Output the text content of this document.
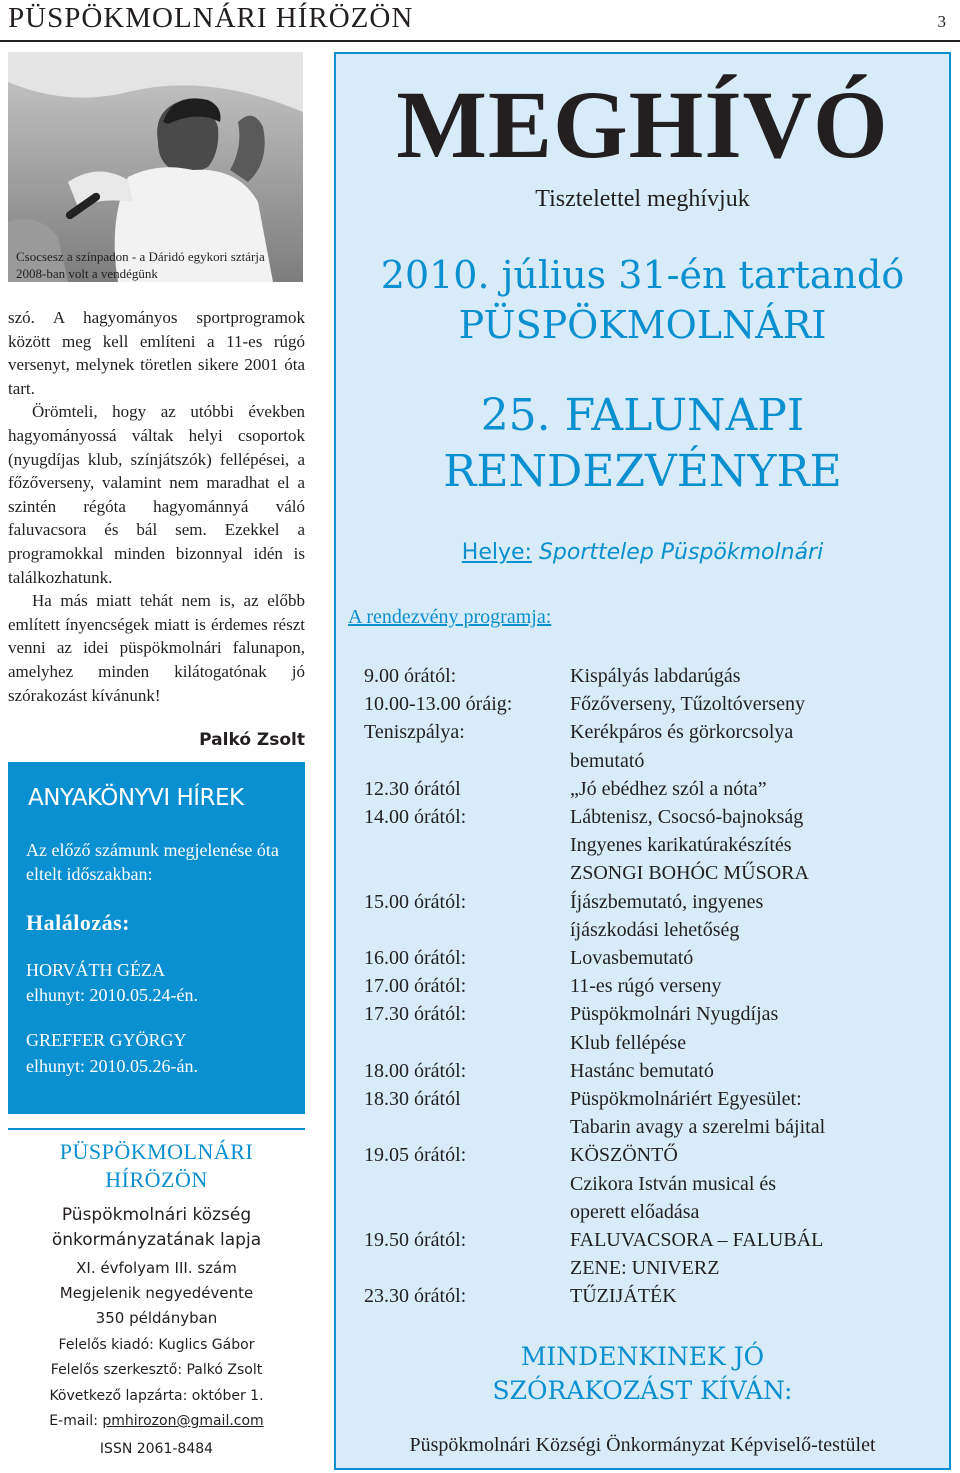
PÜSPÖKMOLNÁRI HÍRÖZÖN	3
Csocsesz a színpadon - a Dáridó egykori sztárja 2008-ban volt a vendégünk

szó. A hagyományos sportprogramok között meg kell említeni a 11-es rúgó versenyt, melynek töretlen sikere 2001 óta tart.

Örömteli, hogy az utóbbi években hagyományossá váltak helyi csoportok (nyugdíjas klub, színjátszók) fellépései, a főzőverseny, valamint nem maradhat el a szintén régóta hagyománnyá váló faluvacsora és bál sem. Ezekkel a programokkal minden bizonnyal idén is találkozhatunk.

Ha más miatt tehát nem is, az előbb említett ínyencségek miatt is érdemes részt venni az idei püspökmolnári falunapon, amelyhez minden kilátogatónak jó szórakozást kívánunk!

Palkó Zsolt
ANYAKÖNYVI HÍREK
Az előző számunk megjelenése óta eltelt időszakban:
Halálozás:
HORVÁTH GÉZA
elhunyt: 2010.05.24-én.
GREFFER GYÖRGY
elhunyt: 2010.05.26-án.
PÜSPÖKMOLNÁRI
HÍRÖZÖN
Püspökmolnári község
önkormányzatának lapja
XI. évfolyam III. szám
Megjelenik negyedévente
350 példányban
Felelős kiadó: Kuglics Gábor
Felelős szerkesztő: Palkó Zsolt
Következő lapzárta: október 1.
E-mail: pmhirozon@gmail.com
ISSN 2061-8484
MEGHÍVÓ
Tisztelettel meghívjuk
2010. július 31-én tartandó
PÜSPÖKMOLNÁRI
25. FALUNAPI
RENDEZVÉNYRE
Helye: Sporttelep Püspökmolnári
A rendezvény programja:
9.00 órától:	Kispályás labdarúgás
10.00-13.00 óráig:	Főzőverseny, Tűzoltóverseny
Teniszpálya:	Kerékpáros és görkorcsolya
bemutató
12.30 órától	„Jó ebédhez szól a nóta”
14.00 órától:	Lábtenisz, Csocsó-bajnokság
Ingyenes karikatúrakészítés
ZSONGI BOHÓC MŰSORA
15.00 órától:	Íjászbemutató, ingyenes
íjászkodási lehetőség
16.00 órától:	Lovasbemutató
17.00 órától:	11-es rúgó verseny
17.30 órától:	Püspökmolnári Nyugdíjas
Klub fellépése
18.00 órától:	Hastánc bemutató
18.30 órától	Püspökmolnáriért Egyesület:
Tabarin avagy a szerelmi bájital
19.05 órától:	KÖSZÖNTŐ
Czikora István musical és
operett előadása
19.50 órától:	FALUVACSORA – FALUBÁL
ZENE: UNIVERZ
23.30 órától:	TŰZIJÁTÉK
MINDENKINEK JÓ
SZÓRAKOZÁST KÍVÁN:
Püspökmolnári Községi Önkormányzat Képviselő-testület
